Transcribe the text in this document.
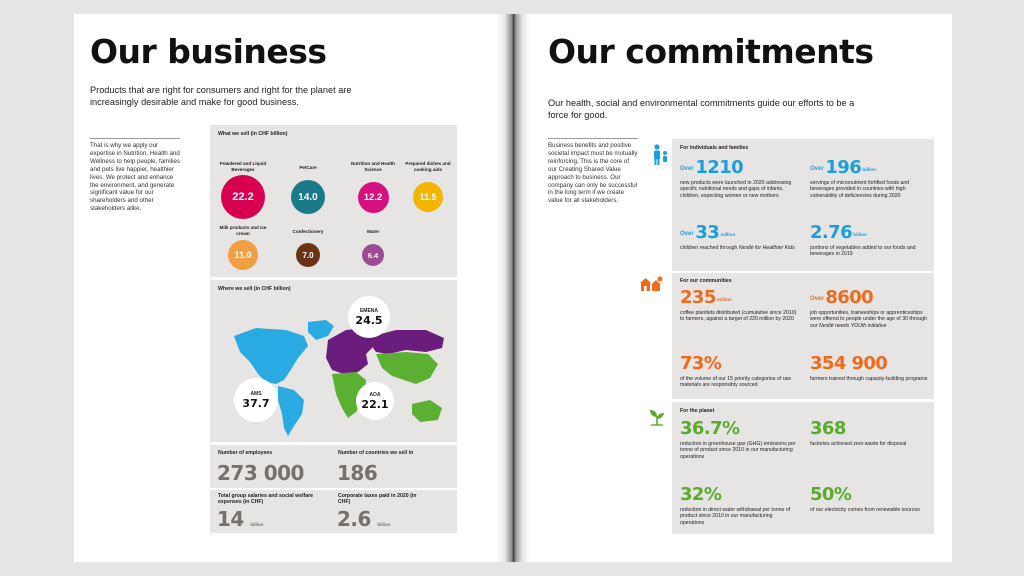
Our business
Products that are right for consumers and right for the planet are increasingly desirable and make for good business.
That is why we apply our expertise in Nutrition, Health and Wellness to help people, families and pets live happier, healthier lives. We protect and enhance the environment, and generate significant value for our shareholders and other stakeholders alike.
What we sell (in CHF billion)
Powdered and Liquid Beverages
22.2
PetCare
14.0
Nutrition and Health Science
12.2
Prepared dishes and cooking aids
11.5
Milk products and Ice cream
11.0
Confectionery
7.0
Water
6.4
Where we sell (in CHF billion)
EMENA
24.5
AMS
37.7
AOA
22.1
Number of employees
273 000
Number of countries we sell in
186
Total group salaries and social welfare expenses (in CHF)
14 billion
Corporate taxes paid in 2020 (in CHF)
2.6 billion
Our commitments
Our health, social and environmental commitments guide our efforts to be a force for good.
Business benefits and positive societal impact must be mutually reinforcing. This is the core of our Creating Shared Value approach to business. Our company can only be successful in the long term if we create value for all stakeholders.
For individuals and families
Over 1210
new products were launched in 2020 addressing specific nutritional needs and gaps of infants, children, expecting women or new mothers
Over 196 billion
servings of micronutrient fortified foods and beverages provided in countries with high vulnerability of deficiencies during 2020
Over 33 million
children reached through Nestlé for Healthier Kids
2.76 billion
portions of vegetables added to our foods and beverages in 2019
For our communities
235 million
coffee plantlets distributed (cumulative since 2010) to farmers, against a target of 220 million by 2020
Over 8600
job opportunities, traineeships or apprenticeships were offered to people under the age of 30 through our Nestlé needs YOUth initiative
73%
of the volume of our 15 priority categories of raw materials are responsibly sourced
354 900
farmers trained through capacity-building programs
For the planet
36.7%
reduction in greenhouse gas (GHG) emissions per tonne of product since 2010 in our manufacturing operations
368
factories achieved zero waste for disposal
32%
reduction in direct water withdrawal per tonne of product since 2010 in our manufacturing operations
50%
of our electricity comes from renewable sources
